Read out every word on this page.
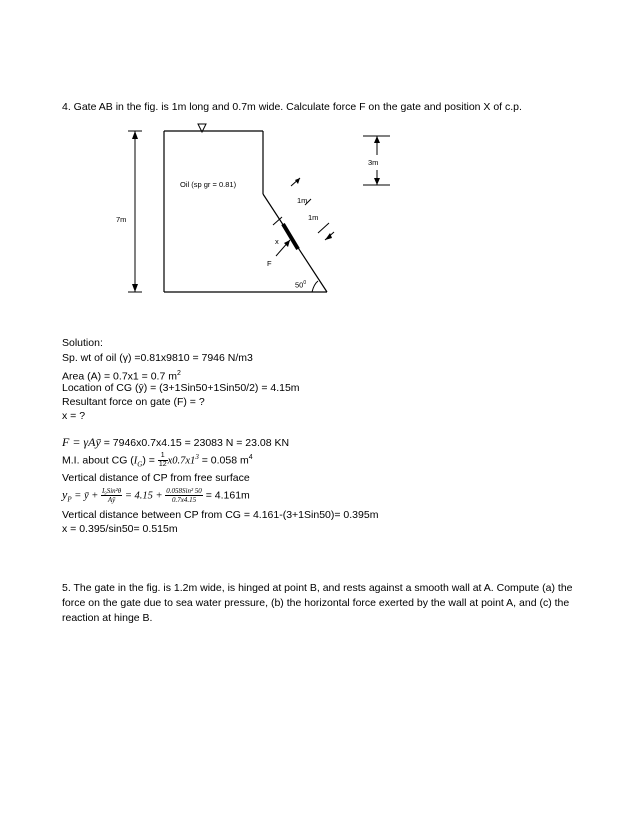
4. Gate AB in the fig. is 1m long and 0.7m wide. Calculate force F on the gate and position X of c.p.
Oil (sp gr = 0.81)
7m
3m
1m
1m
x
F
$50^0$
Solution:
Sp. wt of oil (γ) =0.81x9810 = 7946 N/m3
Area (A) = 0.7x1 = 0.7 $m^2$
Location of CG (ȳ) = (3+1Sin50+1Sin50/2) = 4.15m
Resultant force on gate (F) = ?
x = ?
F = γAȳ = 7946x0.7x4.15 = 23083 N = 23.08 KN
M.I. about CG $(I_G) = \frac{1}{12} x0.7x1^3 = 0.058$ $m^4$
Vertical distance of CP from free surface
$y_P$ = ȳ + $\frac{\text{I₉Sin²θ}}{Aȳ} = 4.15 + \frac{\text{0.058Sin² 50}}{0.7x4.15} = 4.161m$
Vertical distance between CP from CG = 4.161-(3+1Sin50)= 0.395m
x = 0.395/sin50= 0.515m
5. The gate in the fig. is 1.2m wide, is hinged at point B, and rests against a smooth wall at A. Compute (a) the force on the gate due to sea water pressure, (b) the horizontal force exerted by the wall at point A, and (c) the reaction at hinge B.
